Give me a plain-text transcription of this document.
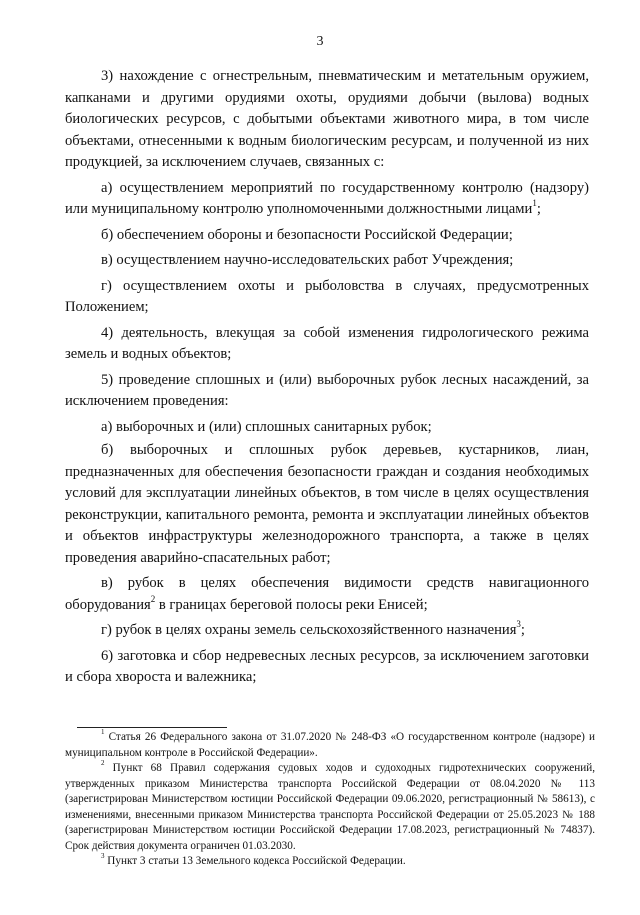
3

3) нахождение с огнестрельным, пневматическим и метательным оружием, капканами и другими орудиями охоты, орудиями добычи (вылова) водных биологических ресурсов, с добытыми объектами животного мира, в том числе объектами, отнесенными к водным биологическим ресурсам, и полученной из них продукцией, за исключением случаев, связанных с:

а) осуществлением мероприятий по государственному контролю (надзору) или муниципальному контролю уполномоченными должностными лицами$^1$;

б) обеспечением обороны и безопасности Российской Федерации;

в) осуществлением научно-исследовательских работ Учреждения;

г) осуществлением охоты и рыболовства в случаях, предусмотренных Положением;

4) деятельность, влекущая за собой изменения гидрологического режима земель и водных объектов;

5) проведение сплошных и (или) выборочных рубок лесных насаждений, за исключением проведения:

а) выборочных и (или) сплошных санитарных рубок;

б) выборочных и сплошных рубок деревьев, кустарников, лиан, предназначенных для обеспечения безопасности граждан и создания необходимых условий для эксплуатации линейных объектов, в том числе в целях осуществления реконструкции, капитального ремонта, ремонта и эксплуатации линейных объектов и объектов инфраструктуры железнодорожного транспорта, а также в целях проведения аварийно-спасательных работ;

в) рубок в целях обеспечения видимости средств навигационного оборудования$^2$ в границах береговой полосы реки Енисей;

г) рубок в целях охраны земель сельскохозяйственного назначения$^3$;

6) заготовка и сбор недревесных лесных ресурсов, за исключением заготовки и сбора хвороста и валежника;

$^1$ Статья 26 Федерального закона от 31.07.2020 № 248-ФЗ «О государственном контроле (надзоре) и муниципальном контроле в Российской Федерации».

$^2$ Пункт 68 Правил содержания судовых ходов и судоходных гидротехнических сооружений, утвержденных приказом Министерства транспорта Российской Федерации от 08.04.2020 № 113 (зарегистрирован Министерством юстиции Российской Федерации 09.06.2020, регистрационный № 58613), с изменениями, внесенными приказом Министерства транспорта Российской Федерации от 25.05.2023 № 188 (зарегистрирован Министерством юстиции Российской Федерации 17.08.2023, регистрационный № 74837). Срок действия документа ограничен 01.03.2030.

$^3$ Пункт 3 статьи 13 Земельного кодекса Российской Федерации.
